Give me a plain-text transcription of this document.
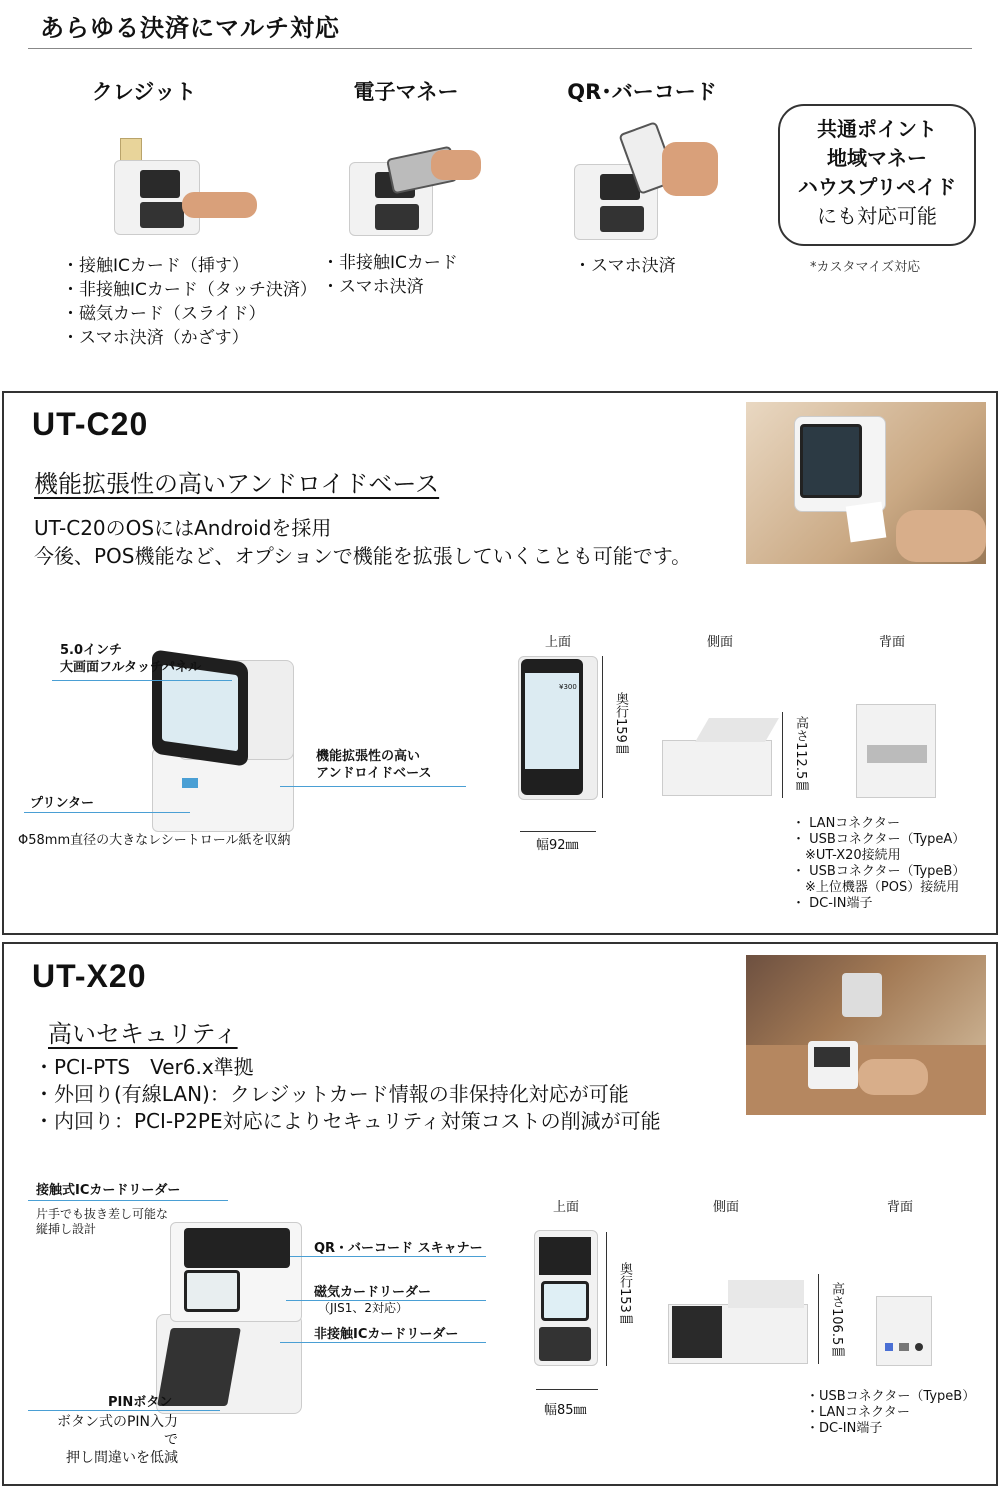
あらゆる決済にマルチ対応
クレジット	電子マネー	QR･バーコード
・接触ICカード（挿す）
・非接触ICカード（タッチ決済）
・磁気カード（スライド）
・スマホ決済（かざす）
・非接触ICカード
・スマホ決済
・スマホ決済
共通ポイント
地域マネー
ハウスプリペイド
にも対応可能
*カスタマイズ対応
UT-C20
機能拡張性の高いアンドロイドベース
UT-C20のOSにはAndroidを採用
今後、POS機能など、オプションで機能を拡張していくことも可能です。
5.0インチ
大画面フルタッチパネル
機能拡張性の高い
アンドロイドベース
プリンター
Φ58mm直径の大きなレシートロール紙を収納
上面	側面	背面
¥300
奥行159㎜
幅92㎜
高さ112.5㎜
・ LANコネクター
・ USBコネクター（TypeA）
　※UT-X20接続用
・ USBコネクター（TypeB）
　※上位機器（POS）接続用
・ DC-IN端子
UT-X20
高いセキュリティ
・PCI-PTS　Ver6.x準拠
・外回り(有線LAN)：クレジットカード情報の非保持化対応が可能
・内回り：PCI-P2PE対応によりセキュリティ対策コストの削減が可能
接触式ICカードリーダー
片手でも抜き差し可能な
縦挿し設計
QR・バーコード スキャナー
磁気カードリーダー
（JIS1、2対応）
非接触ICカードリーダー
PINボタン
ボタン式のPIN入力で
押し間違いを低減
上面	側面	背面
奥行153㎜
幅85㎜
高さ106.5㎜
・USBコネクター（TypeB）
・LANコネクター
・DC-IN端子
